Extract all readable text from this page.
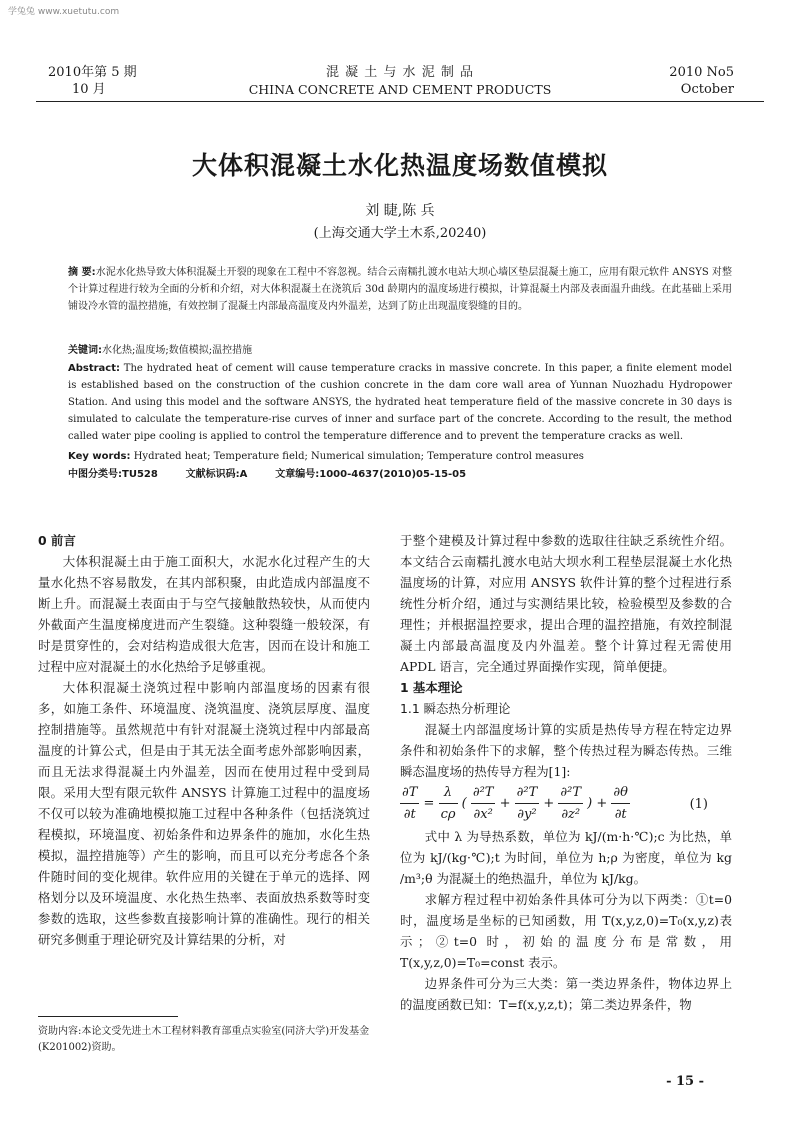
学兔兔 www.xuetutu.com
2010年第 5 期
10 月
混 凝 土 与 水 泥 制 品
CHINA CONCRETE AND CEMENT PRODUCTS
2010 No5
October
大体积混凝土水化热温度场数值模拟
刘 睫,陈 兵
(上海交通大学土木系,20240)
摘 要:水泥水化热导致大体积混凝土开裂的现象在工程中不容忽视。结合云南糯扎渡水电站大坝心墙区垫层混凝土施工，应用有限元软件 ANSYS 对整个计算过程进行较为全面的分析和介绍，对大体积混凝土在浇筑后 30d 龄期内的温度场进行模拟，计算混凝土内部及表面温升曲线。在此基础上采用铺设冷水管的温控措施，有效控制了混凝土内部最高温度及内外温差，达到了防止出现温度裂缝的目的。
关键词:水化热;温度场;数值模拟;温控措施
Abstract: The hydrated heat of cement will cause temperature cracks in massive concrete. In this paper, a finite element model is established based on the construction of the cushion concrete in the dam core wall area of Yunnan Nuozhadu Hydropower Station. And using this model and the software ANSYS, the hydrated heat temperature field of the massive concrete in 30 days is simulated to calculate the temperature-rise curves of inner and surface part of the concrete. According to the result, the method called water pipe cooling is applied to control the temperature difference and to prevent the temperature cracks as well.
Key words: Hydrated heat; Temperature field; Numerical simulation; Temperature control measures
中图分类号:TU528        文献标识码:A        文章编号:1000-4637(2010)05-15-05

0 前言

大体积混凝土由于施工面积大，水泥水化过程产生的大量水化热不容易散发，在其内部积聚，由此造成内部温度不断上升。而混凝土表面由于与空气接触散热较快，从而使内外截面产生温度梯度进而产生裂缝。这种裂缝一般较深，有时是贯穿性的，会对结构造成很大危害，因而在设计和施工过程中应对混凝土的水化热给予足够重视。

大体积混凝土浇筑过程中影响内部温度场的因素有很多，如施工条件、环境温度、浇筑温度、浇筑层厚度、温度控制措施等。虽然规范中有针对混凝土浇筑过程中内部最高温度的计算公式，但是由于其无法全面考虑外部影响因素，而且无法求得混凝土内外温差，因而在使用过程中受到局限。采用大型有限元软件 ANSYS 计算施工过程中的温度场不仅可以较为准确地模拟施工过程中各种条件（包括浇筑过程模拟，环境温度、初始条件和边界条件的施加，水化生热模拟，温控措施等）产生的影响，而且可以充分考虑各个条件随时间的变化规律。软件应用的关键在于单元的选择、网格划分以及环境温度、水化热生热率、表面放热系数等时变参数的选取，这些参数直接影响计算的准确性。现行的相关研究多侧重于理论研究及计算结果的分析，对

资助内容:本论文受先进土木工程材料教育部重点实验室(同济大学)开发基金(K201002)资助。

于整个建模及计算过程中参数的选取往往缺乏系统性介绍。本文结合云南糯扎渡水电站大坝水利工程垫层混凝土水化热温度场的计算，对应用 ANSYS 软件计算的整个过程进行系统性分析介绍，通过与实测结果比较，检验模型及参数的合理性；并根据温控要求，提出合理的温控措施，有效控制混凝土内部最高温度及内外温差。整个计算过程无需使用 APDL 语言，完全通过界面操作实现，简单便捷。

1 基本理论

1.1 瞬态热分析理论

混凝土内部温度场计算的实质是热传导方程在特定边界条件和初始条件下的求解，整个传热过程为瞬态传热。三维瞬态温度场的热传导方程为[1]:

$\frac{\partial T}{\partial t} = \frac{\lambda}{c\rho}$ ( $\frac{\text{∂²T}}{\text{∂x²}} + \frac{\text{∂²T}}{\text{∂y²}} + \frac{\text{∂²T}}{\text{∂z²}}$ ) + $\frac{\partial\theta}{\partial t}$	(1)

式中 λ 为导热系数，单位为 kJ/(m·h·℃);c 为比热，单位为 kJ/(kg·℃);t 为时间，单位为 h;ρ 为密度，单位为 kg /m³;θ 为混凝土的绝热温升，单位为 kJ/kg。

求解方程过程中初始条件具体可分为以下两类：①t=0 时，温度场是坐标的已知函数，用 T(x,y,z,0)=T₀(x,y,z)表示；②t=0 时，初始的温度分布是常数，用 T(x,y,z,0)=T₀=const 表示。

边界条件可分为三大类：第一类边界条件，物体边界上的温度函数已知：T=f(x,y,z,t)；第二类边界条件，物

- 15 -
